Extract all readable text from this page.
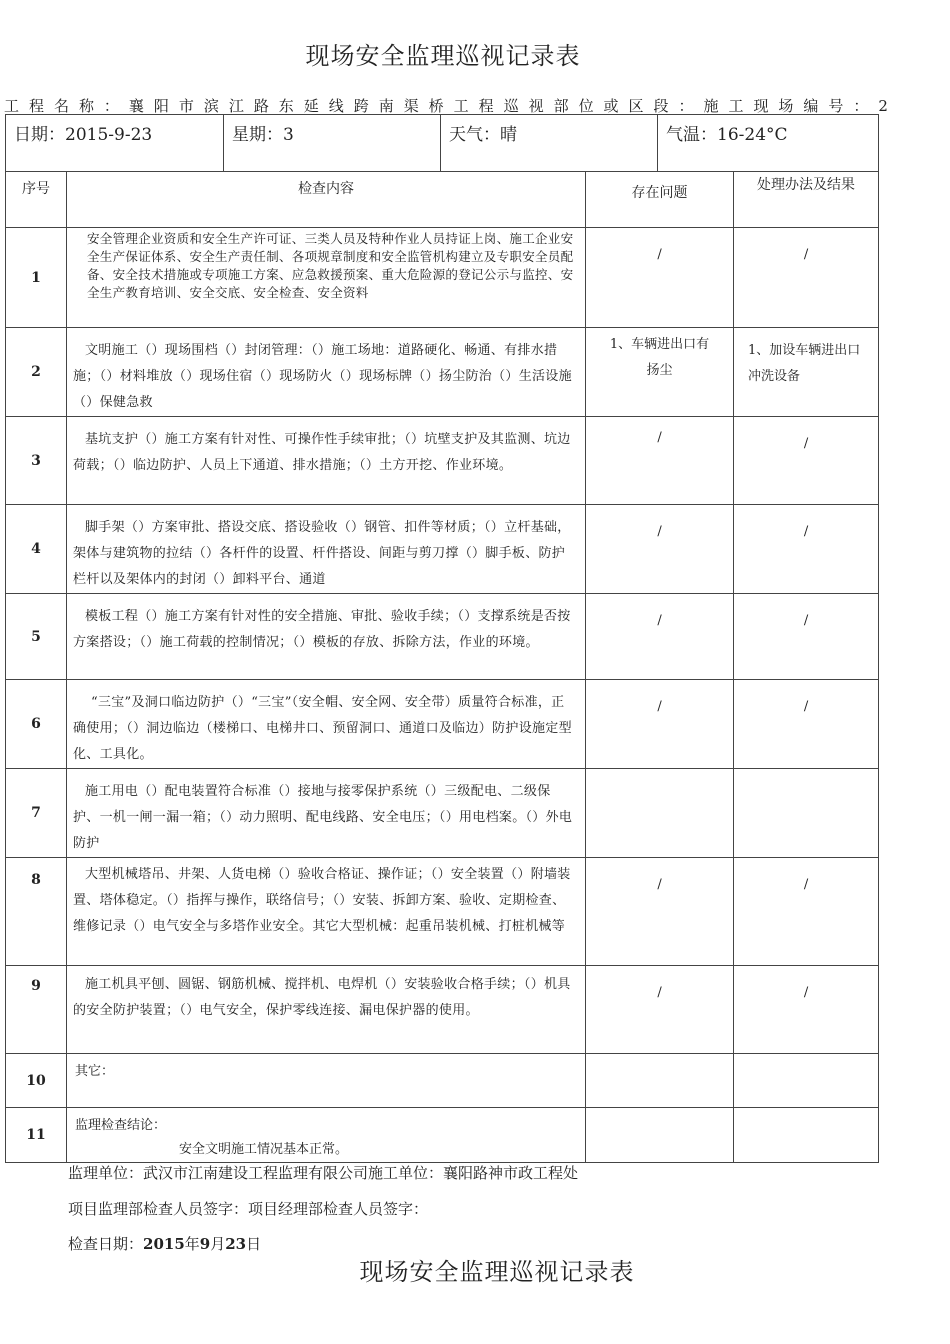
现场安全监理巡视记录表
工程名称：襄阳市滨江路东延线跨南渠桥工程巡视部位或区段：施工现场编号：2
日期：2015-9-23		星期：3	天气：晴		气温：16-24°C	
序号	检查内容			存在问题		处理办法及结果
1	安全管理企业资质和安全生产许可证、三类人员及特种作业人员持证上岗、施工企业安全生产保证体系、安全生产责任制、各项规章制度和安全监管机构建立及专职安全员配备、安全技术措施或专项施工方案、应急救援预案、重大危险源的登记公示与监控、安全生产教育培训、安全交底、安全检查、安全资料			/		/
2	文明施工（）现场围档（）封闭管理：（）施工场地：道路硬化、畅通、有排水措施；（）材料堆放（）现场住宿（）现场防火（）现场标牌（）扬尘防治（）生活设施（）保健急救			1、车辆进出口有扬尘		1、加设车辆进出口冲洗设备
3	基坑支护（）施工方案有针对性、可操作性手续审批；（）坑壁支护及其监测、坑边荷载；（）临边防护、人员上下通道、排水措施；（）土方开挖、作业环境。			/		/
4	脚手架（）方案审批、搭设交底、搭设验收（）钢管、扣件等材质；（）立杆基础，架体与建筑物的拉结（）各杆件的设置、杆件搭设、间距与剪刀撑（）脚手板、防护栏杆以及架体内的封闭（）卸料平台、通道			/		/
5	模板工程（）施工方案有针对性的安全措施、审批、验收手续；（）支撑系统是否按方案搭设；（）施工荷载的控制情况；（）模板的存放、拆除方法，作业的环境。			/		/
6	“三宝”及洞口临边防护（）“三宝”（安全帽、安全网、安全带）质量符合标准，正确使用；（）洞边临边（楼梯口、电梯井口、预留洞口、通道口及临边）防护设施定型化、工具化。			/		/
7	施工用电（）配电装置符合标准（）接地与接零保护系统（）三级配电、二级保护、一机一闸一漏一箱；（）动力照明、配电线路、安全电压；（）用电档案。（）外电防护					
8	大型机械塔吊、井架、人货电梯（）验收合格证、操作证；（）安全装置（）附墙装置、塔体稳定。（）指挥与操作，联络信号；（）安装、拆卸方案、验收、定期检查、维修记录（）电气安全与多塔作业安全。其它大型机械：起重吊装机械、打桩机械等			/		/
9	施工机具平刨、圆锯、钢筋机械、搅拌机、电焊机（）安装验收合格手续；（）机具的安全防护装置；（）电气安全，保护零线连接、漏电保护器的使用。			/		/
10	其它：					
11	监理检查结论：
安全文明施工情况基本正常。					

监理单位：武汉市江南建设工程监理有限公司施工单位：襄阳路神市政工程处
项目监理部检查人员签字：项目经理部检查人员签字：
检查日期：2015年9月23日
现场安全监理巡视记录表
